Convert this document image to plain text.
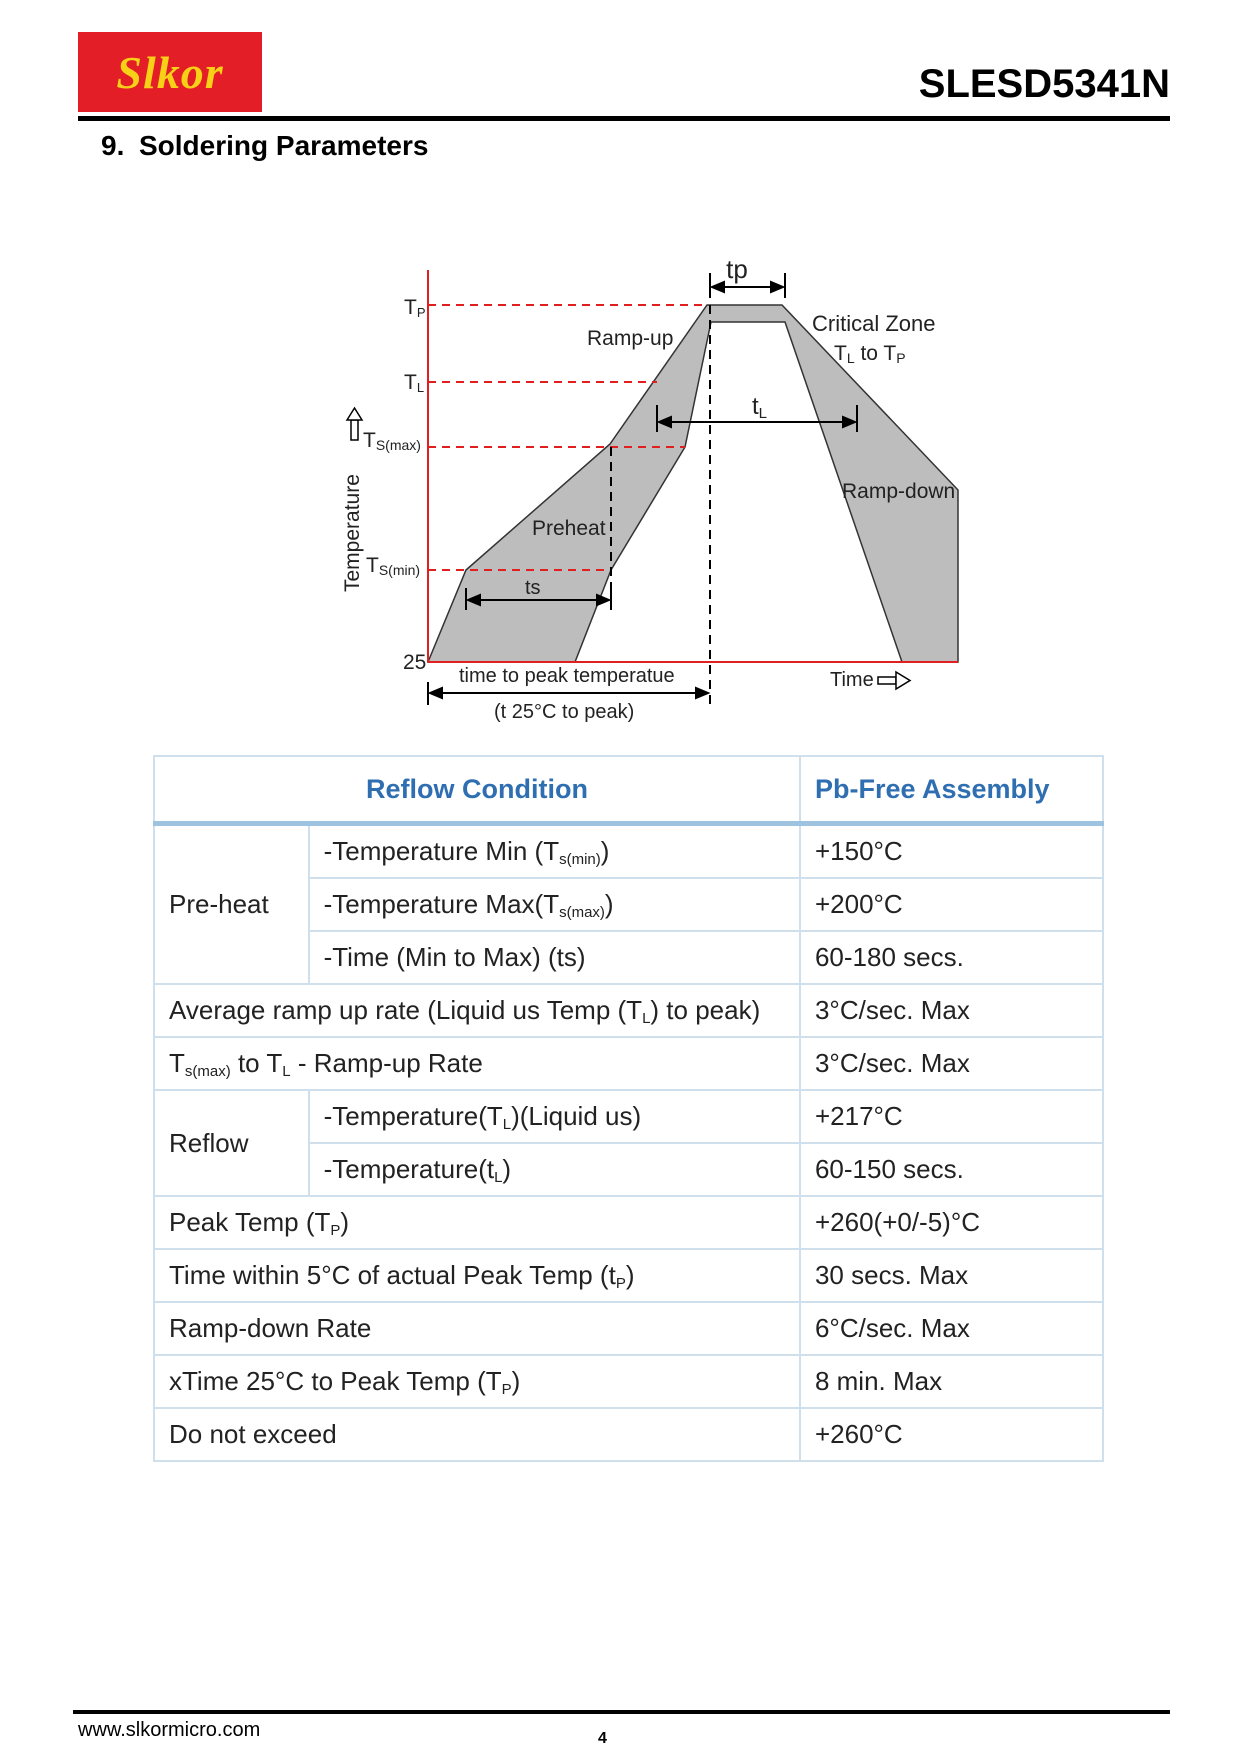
Slkor	SLESD5341N
9. Soldering Parameters
tp
tL
ts
TP
TL
TS(max)
TS(min)
25
Ramp-up
Critical Zone
TL to TP
Ramp-down
Preheat
Temperature
Time
time to peak temperatue
(t 25°C to peak)
Reflow Condition		Pb-Free Assembly
Pre-heat	-Temperature Min $(T_{s(min)})$	+150°C
	-Temperature $Max(T_{s(max)})$	+200°C
	-Time (Min to Max) (ts)	60-180 secs.
Average ramp up rate (Liquid us Temp $(T_L)$ to peak)		3°C/sec. Max
$T_{s(max)}$ to $T_L$ - Ramp-up Rate		3°C/sec. Max
Reflow	$-Temperature(T_L)(Liquid$ us)	+217°C
	$-Temperature(t_L)$	60-150 secs.
Peak Temp $(T_P)$		+260(+0/-5)°C
Time within 5°C of actual Peak Temp $(t_P)$		30 secs. Max
Ramp-down Rate		6°C/sec. Max
xTime 25°C to Peak Temp $(T_P)$		8 min. Max
Do not exceed		+260°C
www.slkormicro.com	4
